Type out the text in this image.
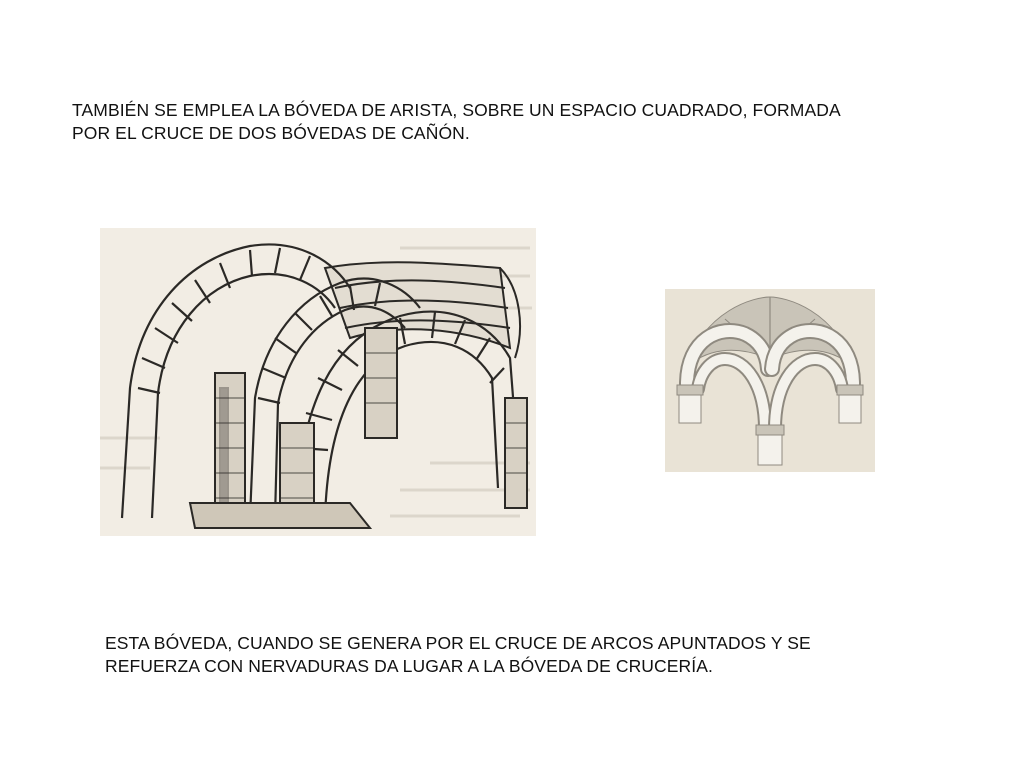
TAMBIÉN SE EMPLEA LA BÓVEDA DE ARISTA, SOBRE UN ESPACIO CUADRADO, FORMADA
POR EL CRUCE DE DOS BÓVEDAS DE CAÑÓN.
ESTA BÓVEDA, CUANDO SE GENERA POR EL CRUCE DE ARCOS APUNTADOS Y SE
REFUERZA CON NERVADURAS DA LUGAR A LA BÓVEDA DE CRUCERÍA.
